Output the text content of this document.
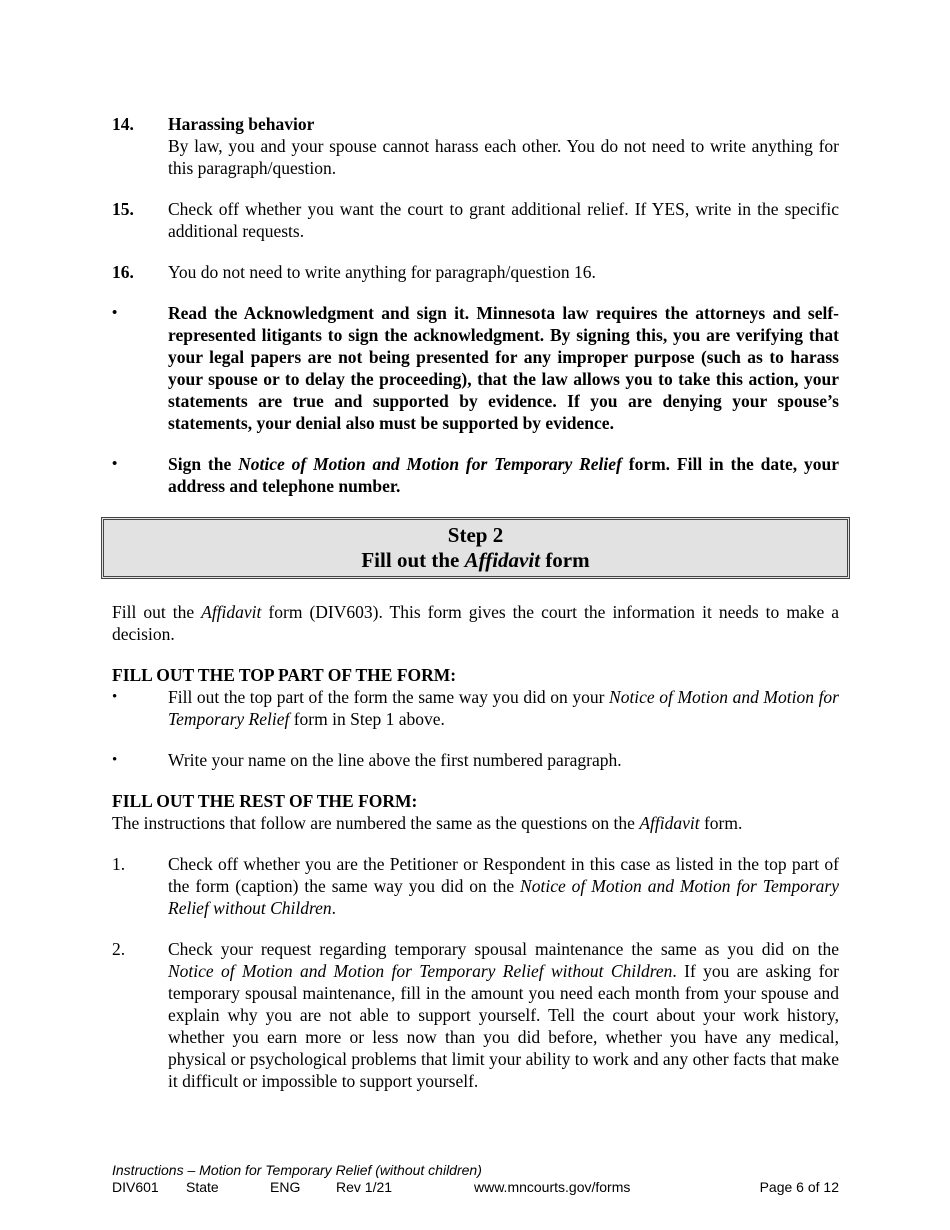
14. Harassing behavior
By law, you and your spouse cannot harass each other. You do not need to write anything for this paragraph/question.
15. Check off whether you want the court to grant additional relief. If YES, write in the specific additional requests.
16. You do not need to write anything for paragraph/question 16.
•	Read the Acknowledgment and sign it. Minnesota law requires the attorneys and self-represented litigants to sign the acknowledgment. By signing this, you are verifying that your legal papers are not being presented for any improper purpose (such as to harass your spouse or to delay the proceeding), that the law allows you to take this action, your statements are true and supported by evidence. If you are denying your spouse’s statements, your denial also must be supported by evidence.
•	Sign the Notice of Motion and Motion for Temporary Relief form. Fill in the date, your address and telephone number.
Step 2
Fill out the Affidavit form
Fill out the Affidavit form (DIV603). This form gives the court the information it needs to make a decision.
FILL OUT THE TOP PART OF THE FORM:
•	Fill out the top part of the form the same way you did on your Notice of Motion and Motion for Temporary Relief form in Step 1 above.
•	Write your name on the line above the first numbered paragraph.
FILL OUT THE REST OF THE FORM:
The instructions that follow are numbered the same as the questions on the Affidavit form.
1. Check off whether you are the Petitioner or Respondent in this case as listed in the top part of the form (caption) the same way you did on the Notice of Motion and Motion for Temporary Relief without Children.
2. Check your request regarding temporary spousal maintenance the same as you did on the Notice of Motion and Motion for Temporary Relief without Children. If you are asking for temporary spousal maintenance, fill in the amount you need each month from your spouse and explain why you are not able to support yourself. Tell the court about your work history, whether you earn more or less now than you did before, whether you have any medical, physical or psychological problems that limit your ability to work and any other facts that make it difficult or impossible to support yourself.
Instructions – Motion for Temporary Relief (without children)
DIV601 State	ENG	Rev 1/21	www.mncourts.gov/forms	Page 6 of 12
